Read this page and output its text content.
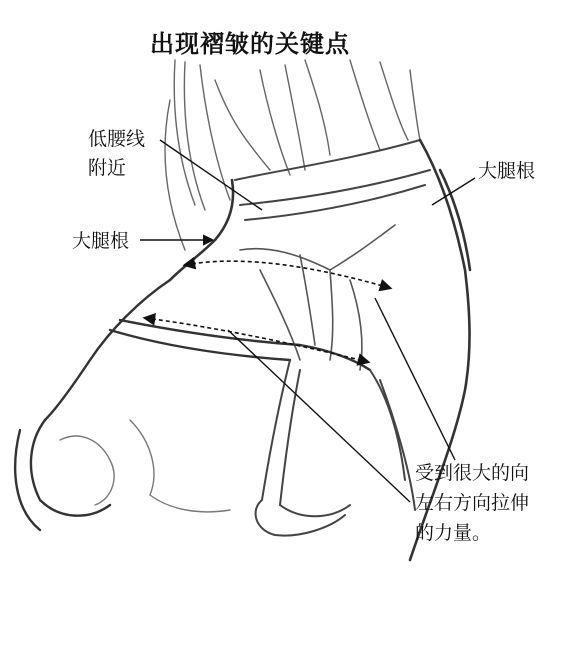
出现褶皱的关键点
低腰线
附近
大腿根
大腿根
受到很大的向
左右方向拉伸
的力量。
